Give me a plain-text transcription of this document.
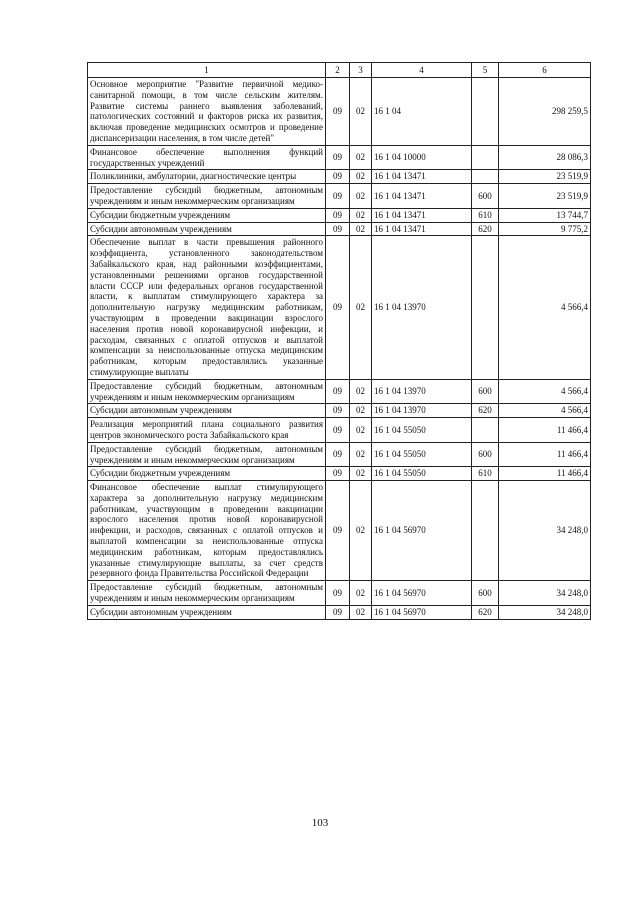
1	2	3	4	5	6
Основное мероприятие "Развитие первичной медико-санитарной помощи, в том числе сельским жителям. Развитие системы раннего выявления заболеваний, патологических состояний и факторов риска их развития, включая проведение медицинских осмотров и проведение диспансеризации населения, в том числе детей"	09	02	16 1 04		298 259,5
Финансовое обеспечение выполнения функций государственных учреждений	09	02	16 1 04 10000		28 086,3
Поликлиники, амбулатории, диагностические центры	09	02	16 1 04 13471		23 519,9
Предоставление субсидий бюджетным, автономным учреждениям и иным некоммерческим организациям	09	02	16 1 04 13471	600	23 519,9
Субсидии бюджетным учреждениям	09	02	16 1 04 13471	610	13 744,7
Субсидии автономным учреждениям	09	02	16 1 04 13471	620	9 775,2
Обеспечение выплат в части превышения районного коэффициента, установленного законодательством Забайкальского края, над районными коэффициентами, установленными решениями органов государственной власти СССР или федеральных органов государственной власти, к выплатам стимулирующего характера за дополнительную нагрузку медицинским работникам, участвующим в проведении вакцинации взрослого населения против новой коронавирусной инфекции, и расходам, связанных с оплатой отпусков и выплатой компенсации за неиспользованные отпуска медицинским работникам, которым предоставлялись указанные стимулирующие выплаты	09	02	16 1 04 13970		4 566,4
Предоставление субсидий бюджетным, автономным учреждениям и иным некоммерческим организациям	09	02	16 1 04 13970	600	4 566,4
Субсидии автономным учреждениям	09	02	16 1 04 13970	620	4 566,4
Реализация мероприятий плана социального развития центров экономического роста Забайкальского края	09	02	16 1 04 55050		11 466,4
Предоставление субсидий бюджетным, автономным учреждениям и иным некоммерческим организациям	09	02	16 1 04 55050	600	11 466,4
Субсидии бюджетным учреждениям	09	02	16 1 04 55050	610	11 466,4
Финансовое обеспечение выплат стимулирующего характера за дополнительную нагрузку медицинским работникам, участвующим в проведении вакцинации взрослого населения против новой коронавирусной инфекции, и расходов, связанных с оплатой отпусков и выплатой компенсации за неиспользованные отпуска медицинским работникам, которым предоставлялись указанные стимулирующие выплаты, за счет средств резервного фонда Правительства Российской Федерации	09	02	16 1 04 56970		34 248,0
Предоставление субсидий бюджетным, автономным учреждениям и иным некоммерческим организациям	09	02	16 1 04 56970	600	34 248,0
Субсидии автономным учреждениям	09	02	16 1 04 56970	620	34 248,0
103
